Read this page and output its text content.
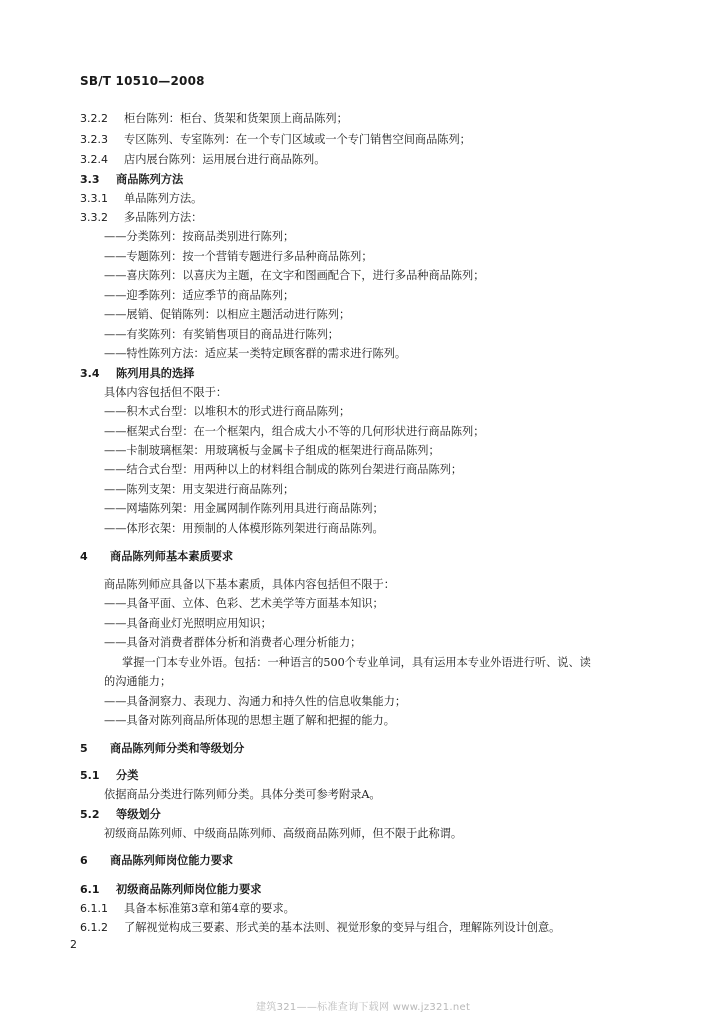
SB/T 10510—2008
3.2.2 柜台陈列：柜台、货架和货架顶上商品陈列；
3.2.3 专区陈列、专室陈列：在一个专门区域或一个专门销售空间商品陈列；
3.2.4 店内展台陈列：运用展台进行商品陈列。
3.3 商品陈列方法
3.3.1 单品陈列方法。
3.3.2 多品陈列方法：
——分类陈列：按商品类别进行陈列；
——专题陈列：按一个营销专题进行多品种商品陈列；
——喜庆陈列：以喜庆为主题，在文字和图画配合下，进行多品种商品陈列；
——迎季陈列：适应季节的商品陈列；
——展销、促销陈列：以相应主题活动进行陈列；
——有奖陈列：有奖销售项目的商品进行陈列；
——特性陈列方法：适应某一类特定顾客群的需求进行陈列。
3.4 陈列用具的选择
具体内容包括但不限于：
——积木式台型：以堆积木的形式进行商品陈列；
——框架式台型：在一个框架内，组合成大小不等的几何形状进行商品陈列；
——卡制玻璃框架：用玻璃板与金属卡子组成的框架进行商品陈列；
——结合式台型：用两种以上的材料组合制成的陈列台架进行商品陈列；
——陈列支架：用支架进行商品陈列；
——网墙陈列架：用金属网制作陈列用具进行商品陈列；
——体形衣架：用预制的人体模形陈列架进行商品陈列。
4 商品陈列师基本素质要求
商品陈列师应具备以下基本素质，具体内容包括但不限于：
——具备平面、立体、色彩、艺术美学等方面基本知识；
——具备商业灯光照明应用知识；
——具备对消费者群体分析和消费者心理分析能力；
掌握一门本专业外语。包括：一种语言的500个专业单词，具有运用本专业外语进行听、说、读
的沟通能力；
——具备洞察力、表现力、沟通力和持久性的信息收集能力；
——具备对陈列商品所体现的思想主题了解和把握的能力。
5 商品陈列师分类和等级划分
5.1 分类
依据商品分类进行陈列师分类。具体分类可参考附录A。
5.2 等级划分
初级商品陈列师、中级商品陈列师、高级商品陈列师，但不限于此称谓。
6 商品陈列师岗位能力要求
6.1 初级商品陈列师岗位能力要求
6.1.1 具备本标准第3章和第4章的要求。
6.1.2 了解视觉构成三要素、形式美的基本法则、视觉形象的变异与组合，理解陈列设计创意。
2
建筑321——标准查询下载网 www.jz321.net
